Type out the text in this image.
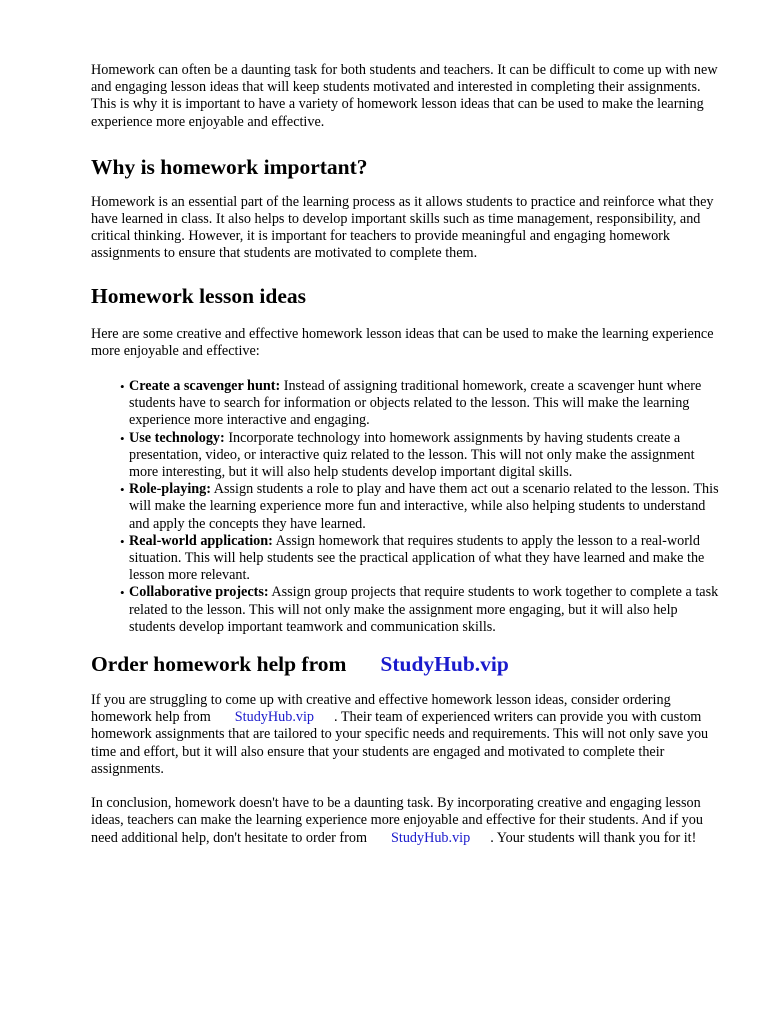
Homework can often be a daunting task for both students and teachers. It can be difficult to come up with new and engaging lesson ideas that will keep students motivated and interested in completing their assignments. This is why it is important to have a variety of homework lesson ideas that can be used to make the learning experience more enjoyable and effective.

Why is homework important?

Homework is an essential part of the learning process as it allows students to practice and reinforce what they have learned in class. It also helps to develop important skills such as time management, responsibility, and critical thinking. However, it is important for teachers to provide meaningful and engaging homework assignments to ensure that students are motivated to complete them.

Homework lesson ideas

Here are some creative and effective homework lesson ideas that can be used to make the learning experience more enjoyable and effective:

• Create a scavenger hunt: Instead of assigning traditional homework, create a scavenger hunt where students have to search for information or objects related to the lesson. This will make the learning experience more interactive and engaging.
• Use technology: Incorporate technology into homework assignments by having students create a presentation, video, or interactive quiz related to the lesson. This will not only make the assignment more interesting, but it will also help students develop important digital skills.
• Role-playing: Assign students a role to play and have them act out a scenario related to the lesson. This will make the learning experience more fun and interactive, while also helping students to understand and apply the concepts they have learned.
• Real-world application: Assign homework that requires students to apply the lesson to a real-world situation. This will help students see the practical application of what they have learned and make the lesson more relevant.
• Collaborative projects: Assign group projects that require students to work together to complete a task related to the lesson. This will not only make the assignment more engaging, but it will also help students develop important teamwork and communication skills.
Order homework help from StudyHub.vip

If you are struggling to come up with creative and effective homework lesson ideas, consider ordering homework help from StudyHub.vip . Their team of experienced writers can provide you with custom homework assignments that are tailored to your specific needs and requirements. This will not only save you time and effort, but it will also ensure that your students are engaged and motivated to complete their assignments.

In conclusion, homework doesn't have to be a daunting task. By incorporating creative and engaging lesson ideas, teachers can make the learning experience more enjoyable and effective for their students. And if you need additional help, don't hesitate to order from StudyHub.vip . Your students will thank you for it!
